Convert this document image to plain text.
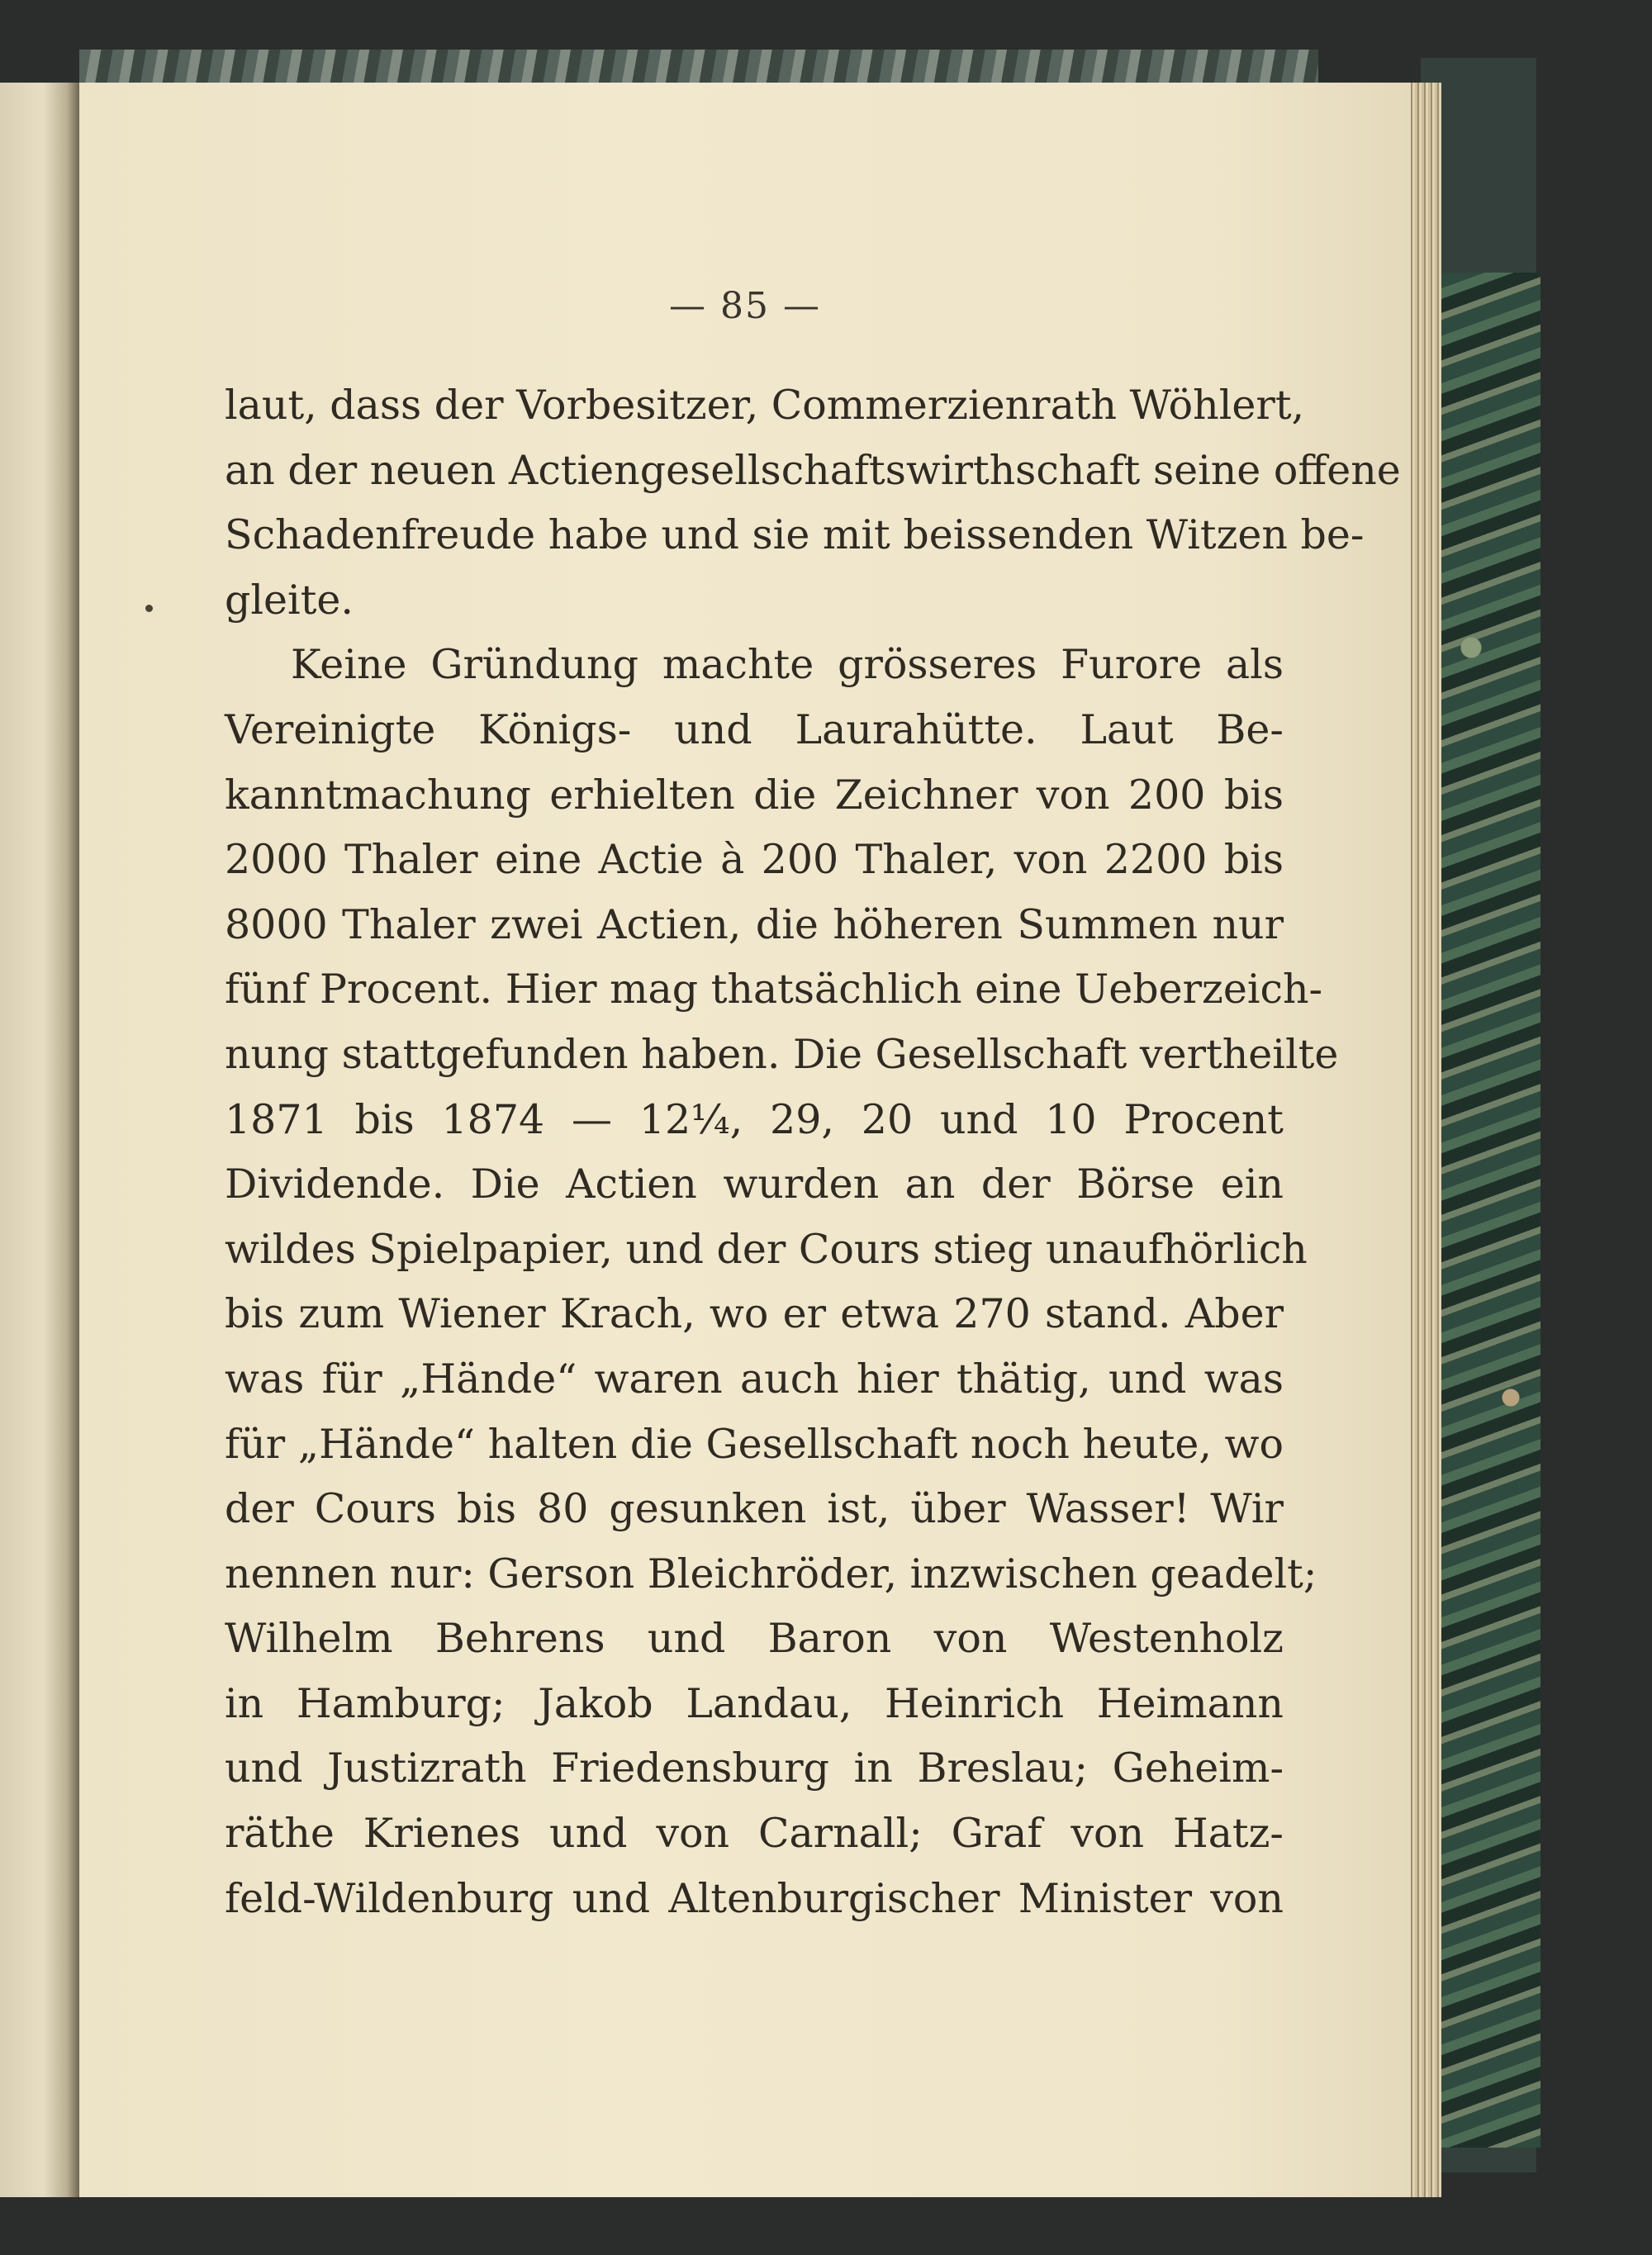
— 85 —
laut, dass der Vorbesitzer, Commerzienrath Wöhlert,
an der neuen Actiengesellschaftswirthschaft seine offene
Schadenfreude habe und sie mit beissenden Witzen be-
gleite.
Keine Gründung machte grösseres Furore als
Vereinigte Königs- und Laurahütte. Laut Be-
kanntmachung erhielten die Zeichner von 200 bis
2000 Thaler eine Actie à 200 Thaler, von 2200 bis
8000 Thaler zwei Actien, die höheren Summen nur
fünf Procent. Hier mag thatsächlich eine Ueberzeich-
nung stattgefunden haben. Die Gesellschaft vertheilte
1871 bis 1874 — 12¼, 29, 20 und 10 Procent
Dividende. Die Actien wurden an der Börse ein
wildes Spielpapier, und der Cours stieg unaufhörlich
bis zum Wiener Krach, wo er etwa 270 stand. Aber
was für „Hände“ waren auch hier thätig, und was
für „Hände“ halten die Gesellschaft noch heute, wo
der Cours bis 80 gesunken ist, über Wasser! Wir
nennen nur: Gerson Bleichröder, inzwischen geadelt;
Wilhelm Behrens und Baron von Westenholz
in Hamburg; Jakob Landau, Heinrich Heimann
und Justizrath Friedensburg in Breslau; Geheim-
räthe Krienes und von Carnall; Graf von Hatz-
feld-Wildenburg und Altenburgischer Minister von
